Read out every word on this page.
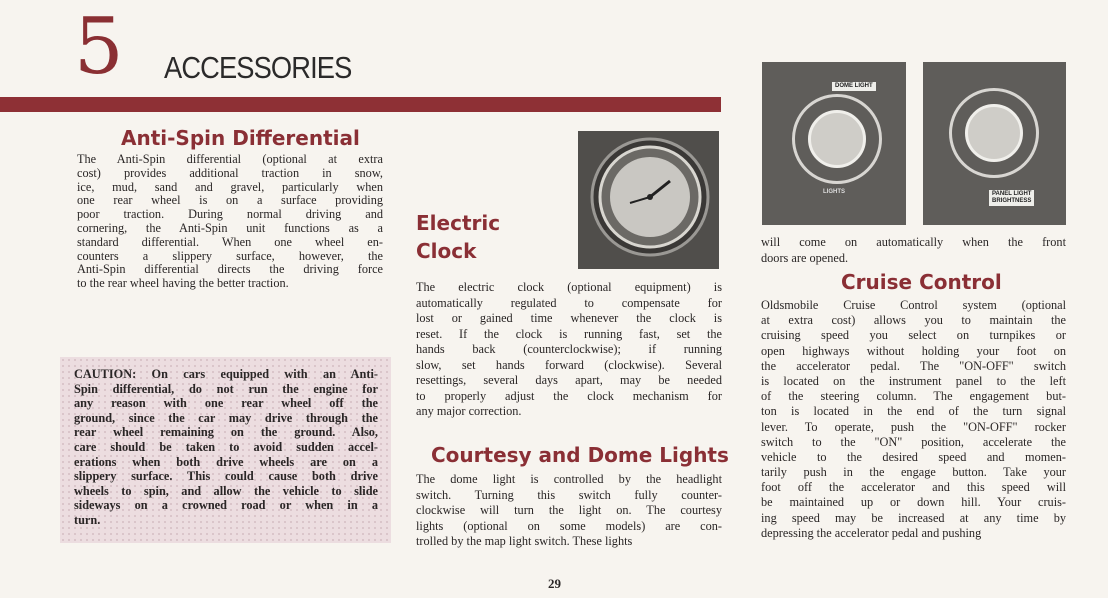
5 ACCESSORIES
Anti-Spin Differential
The Anti-Spin differential (optional at extra
cost) provides additional traction in snow,
ice, mud, sand and gravel, particularly when
one rear wheel is on a surface providing
poor traction. During normal driving and
cornering, the Anti-Spin unit functions as a
standard differential. When one wheel en-
counters a slippery surface, however, the
Anti-Spin differential directs the driving force
to the rear wheel having the better traction.
CAUTION: On cars equipped with an Anti-
Spin differential, do not run the engine for
any reason with one rear wheel off the
ground, since the car may drive through the
rear wheel remaining on the ground. Also,
care should be taken to avoid sudden accel-
erations when both drive wheels are on a
slippery surface. This could cause both drive
wheels to spin, and allow the vehicle to slide
sideways on a crowned road or when in a
turn.
Electric
Clock
The electric clock (optional equipment) is
automatically regulated to compensate for
lost or gained time whenever the clock is
reset. If the clock is running fast, set the
hands back (counterclockwise); if running
slow, set hands forward (clockwise). Several
resettings, several days apart, may be needed
to properly adjust the clock mechanism for
any major correction.
Courtesy and Dome Lights
The dome light is controlled by the headlight
switch. Turning this switch fully counter-
clockwise will turn the light on. The courtesy
lights (optional on some models) are con-
trolled by the map light switch. These lights
DOME LIGHT
LIGHTS	PANEL LIGHT
BRIGHTNESS
will come on automatically when the front
doors are opened.
Cruise Control
Oldsmobile Cruise Control system (optional
at extra cost) allows you to maintain the
cruising speed you select on turnpikes or
open highways without holding your foot on
the accelerator pedal. The "ON-OFF" switch
is located on the instrument panel to the left
of the steering column. The engagement but-
ton is located in the end of the turn signal
lever. To operate, push the "ON-OFF" rocker
switch to the "ON" position, accelerate the
vehicle to the desired speed and momen-
tarily push in the engage button. Take your
foot off the accelerator and this speed will
be maintained up or down hill. Your cruis-
ing speed may be increased at any time by
depressing the accelerator pedal and pushing
29
